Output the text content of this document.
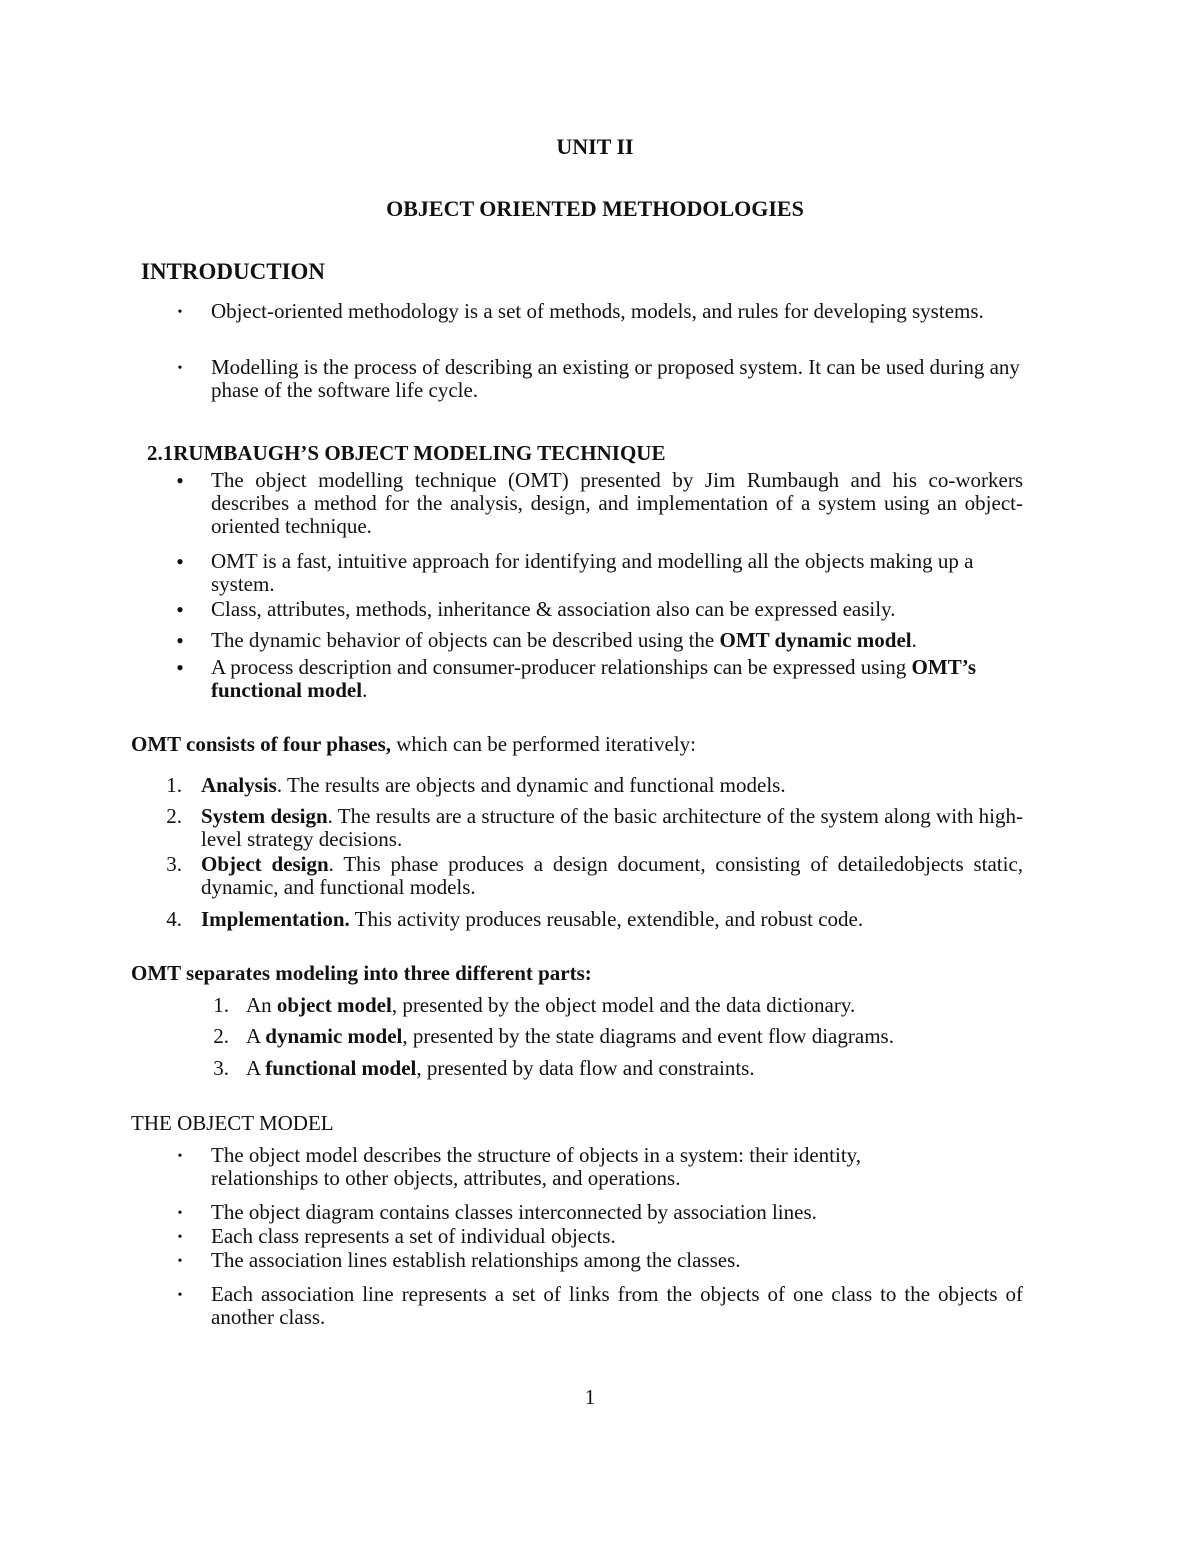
UNIT II
OBJECT ORIENTED METHODOLOGIES
INTRODUCTION
•	Object-oriented methodology is a set of methods, models, and rules for developing systems.
•	Modelling is the process of describing an existing or proposed system. It can be used during any phase of the software life cycle.
2.1RUMBAUGH’S OBJECT MODELING TECHNIQUE
• The object modelling technique (OMT) presented by Jim Rumbaugh and his co-workers describes a method for the analysis, design, and implementation of a system using an object-oriented technique.
• OMT is a fast, intuitive approach for identifying and modelling all the objects making up a system.
• Class, attributes, methods, inheritance & association also can be expressed easily.
• The dynamic behavior of objects can be described using the OMT dynamic model.
• A process description and consumer-producer relationships can be expressed using OMT’s functional model.
OMT consists of four phases, which can be performed iteratively:
1. Analysis. The results are objects and dynamic and functional models.
2. System design. The results are a structure of the basic architecture of the system along with high-level strategy decisions.
3. Object design. This phase produces a design document, consisting of detailedobjects static, dynamic, and functional models.
4. Implementation. This activity produces reusable, extendible, and robust code.
OMT separates modeling into three different parts:
1. An object model, presented by the object model and the data dictionary.
2. A dynamic model, presented by the state diagrams and event flow diagrams.
3. A functional model, presented by data flow and constraints.
THE OBJECT MODEL
•	The object model describes the structure of objects in a system: their identity, relationships to other objects, attributes, and operations.
•	The object diagram contains classes interconnected by association lines.
•	Each class represents a set of individual objects.
•	The association lines establish relationships among the classes.
•	Each association line represents a set of links from the objects of one class to the objects of another class.
1
